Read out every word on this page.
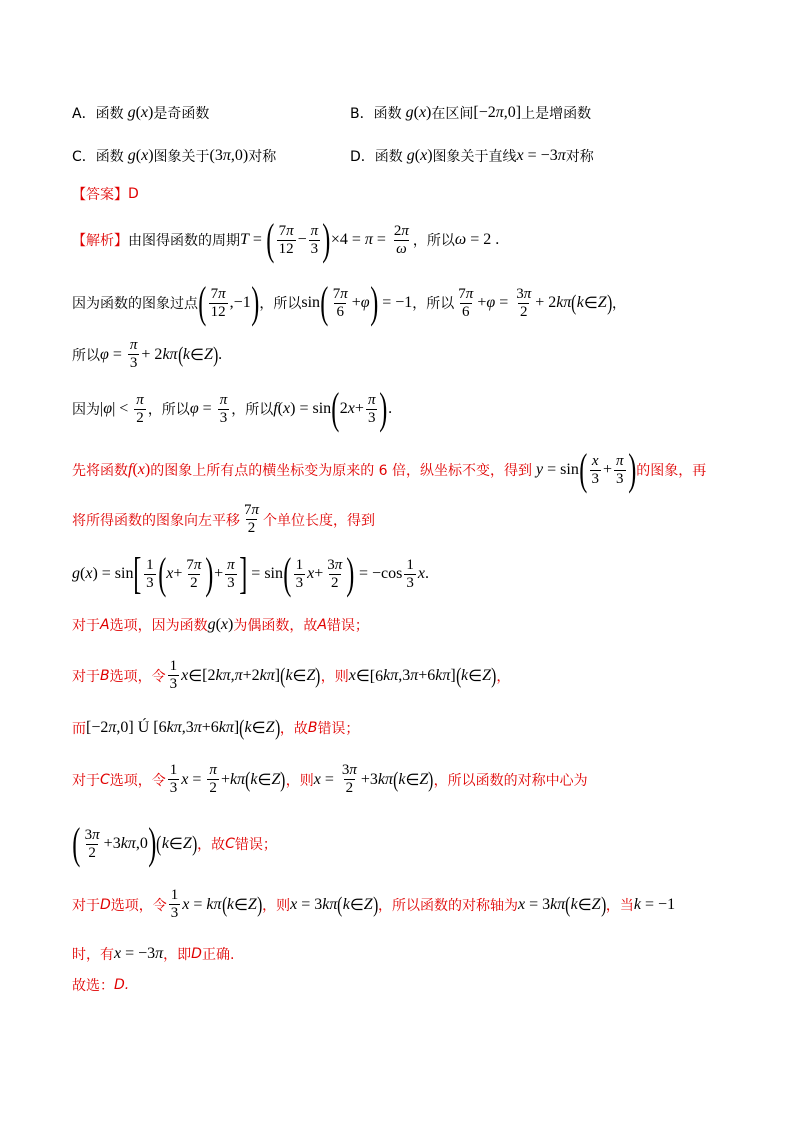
A． 函数 g ( x ) 是奇函数	B． 函数 g ( x ) 在区间 [−2 π ,0] 上是增函数
C． 函数 g ( x ) 图象关于 (3 π ,0) 对称	D． 函数 g ( x ) 图象关于直线 x = −3 π 对称
【答案】 D
【解析】 由图得函数的周期 T = ( $\frac{7\pi}{12} - \frac{\pi}{3}$ ) $\times 4 = \pi = \frac{2\pi}{\omega}$ ，所以 ω = 2 .
因为函数的图象过点 ( $\frac{7\pi}{12} ,-1$ ) ，所以 sin ( $\frac{7\pi}{6} + \varphi$ ) = −1 ，所以 $\frac{7\pi}{6} + \varphi = \frac{3\pi}{2} + 2$ kπ ( k ∈ Z ) ，
所以 $\varphi = \frac{\pi}{3} + 2$ kπ ( k ∈ Z ) .
因为 | φ | < $\frac{\pi}{2}$ ，所以 $\varphi = \frac{\pi}{3}$ ，所以 f ( x ) = sin ( 2 $x + \frac{\pi}{3}$ ) .
先将函数 f ( x ) 的图象上所有点的横坐标变为原来的 6 倍，纵坐标不变，得到 y = sin ( $\frac{x}{3} + \frac{\pi}{3}$ ) 的图象，再
将所得函数的图象向左平移 $\frac{7\pi}{2}$ 个单位长度，得到
g ( x ) = sin [ $\frac{1}{3}$ ( $x + \frac{7\pi}{2}$ ) + $\frac{\pi}{3}$ ] = sin ( $\frac{1}{3}$ $x + \frac{3\pi}{2}$ ) = $-\cos \frac{1}{3}$ x .
对于 A 选项，因为函数 g ( x ) 为偶函数，故 A 错误；
对于 B 选项，令 $\frac{1}{3}$ x ∈ [2 kπ , π +2 kπ ] ( k ∈ Z ) ，则 x ∈[6 kπ ,3 π +6 kπ ] ( k ∈ Z ) ，
而 [−2 π ,0] Ú [6 kπ ,3 π +6 kπ ] ( k ∈ Z ) ，故 B 错误；
对于 C 选项，令 $\frac{1}{3}$ $x = \frac{\pi}{2} + k\pi$ ( k ∈ Z ) ，则 $x = \frac{3\pi}{2} +3$ kπ ( k ∈ Z ) ，所以函数的对称中心为
( $\frac{3\pi}{2} +3$ kπ ,0 ) ( k ∈ Z ) ，故 C 错误；
对于 D 选项，令 $\frac{1}{3}$ x = kπ ( k ∈ Z ) ，则 x = 3 kπ ( k ∈ Z ) ，所以函数的对称轴为 x = 3 kπ ( k ∈ Z ) ，当 k = −1
时，有 x = −3 π ，即 D 正确.
故选： D.
